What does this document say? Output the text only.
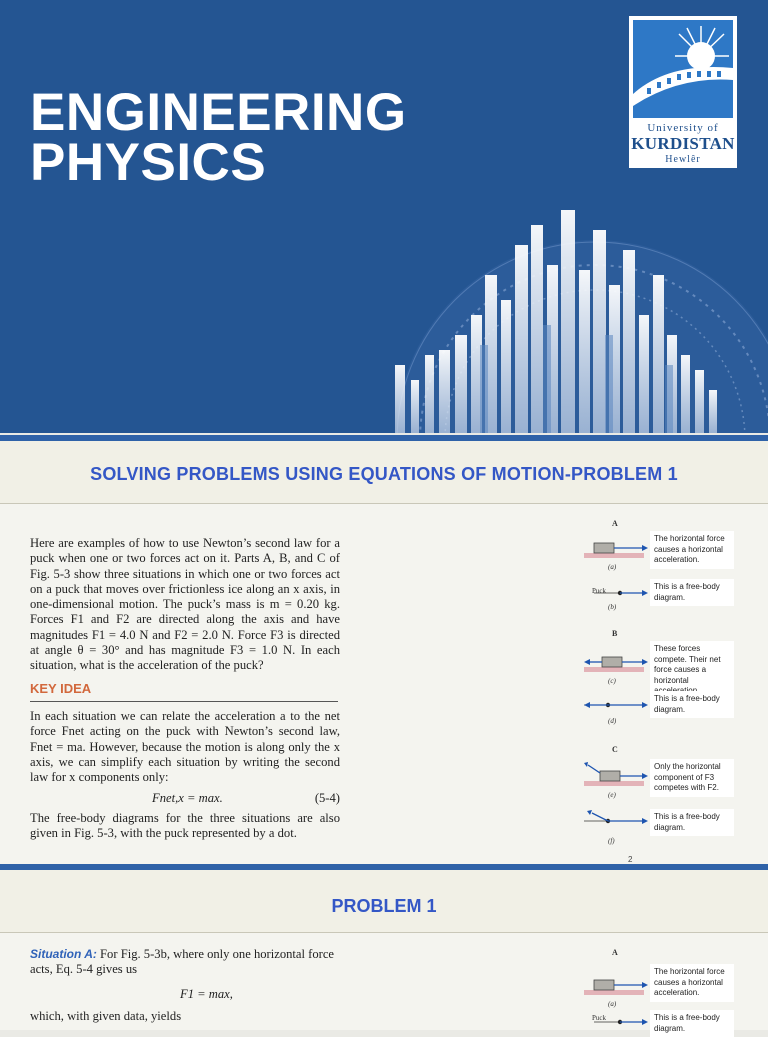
ENGINEERING
PHYSICS
University of
KURDISTAN
Hewlêr
SOLVING PROBLEMS USING EQUATIONS OF MOTION-PROBLEM 1

Here are examples of how to use Newton’s second law for a puck when one or two forces act on it. Parts A, B, and C of Fig. 5-3 show three situations in which one or two forces act on a puck that moves over frictionless ice along an x axis, in one-dimensional motion. The puck’s mass is m = 0.20 kg. Forces F1 and F2 are directed along the axis and have magnitudes F1 = 4.0 N and F2 = 2.0 N. Force F3 is directed at angle θ = 30° and has magnitude F3 = 1.0 N. In each situation, what is the acceleration of the puck?

KEY IDEA

In each situation we can relate the acceleration a to the net force Fnet acting on the puck with Newton’s second law, Fnet = ma. However, because the motion is along only the x axis, we can simplify each situation by writing the second law for x components only:

Fnet,x = max.	(5-4)

The free-body diagrams for the three situations are also given in Fig. 5-3, with the puck represented by a dot.

A
(a)
The horizontal force causes a horizontal acceleration.
Puck
(b)
This is a free-body diagram.
B
(c)
These forces compete. Their net force causes a horizontal
(d)
This is a free-body diagram.
C
(e)
Only the horizontal component of F3 competes with F2.
(f)
This is a free-body diagram.
2
PROBLEM 1

Situation A: For Fig. 5-3b, where only one horizontal force acts, Eq. 5-4 gives us

F1 = max,

which, with given data, yields

A
(a)
The horizontal force causes a horizontal acceleration.
Puck	This is a free-body diagram.
